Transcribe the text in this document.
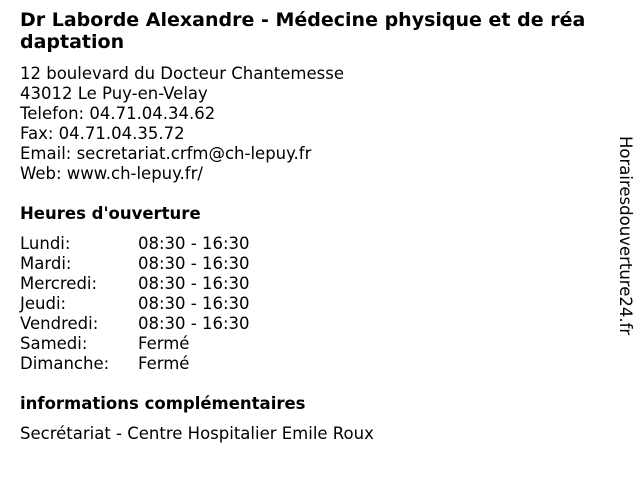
Dr Laborde Alexandre - Médecine physique et de réa
daptation
12 boulevard du Docteur Chantemesse
43012 Le Puy-en-Velay
Telefon: 04.71.04.34.62
Fax: 04.71.04.35.72
Email: secretariat.crfm@ch-lepuy.fr
Web: www.ch-lepuy.fr/
Heures d'ouverture
Lundi:	08:30 - 16:30
Mardi:	08:30 - 16:30
Mercredi: 08:30 - 16:30
Jeudi:	08:30 - 16:30
Vendredi: 08:30 - 16:30
Samedi:	Fermé
Dimanche: Fermé
informations complémentaires
Secrétariat - Centre Hospitalier Emile Roux
Horairesdouverture24.fr
